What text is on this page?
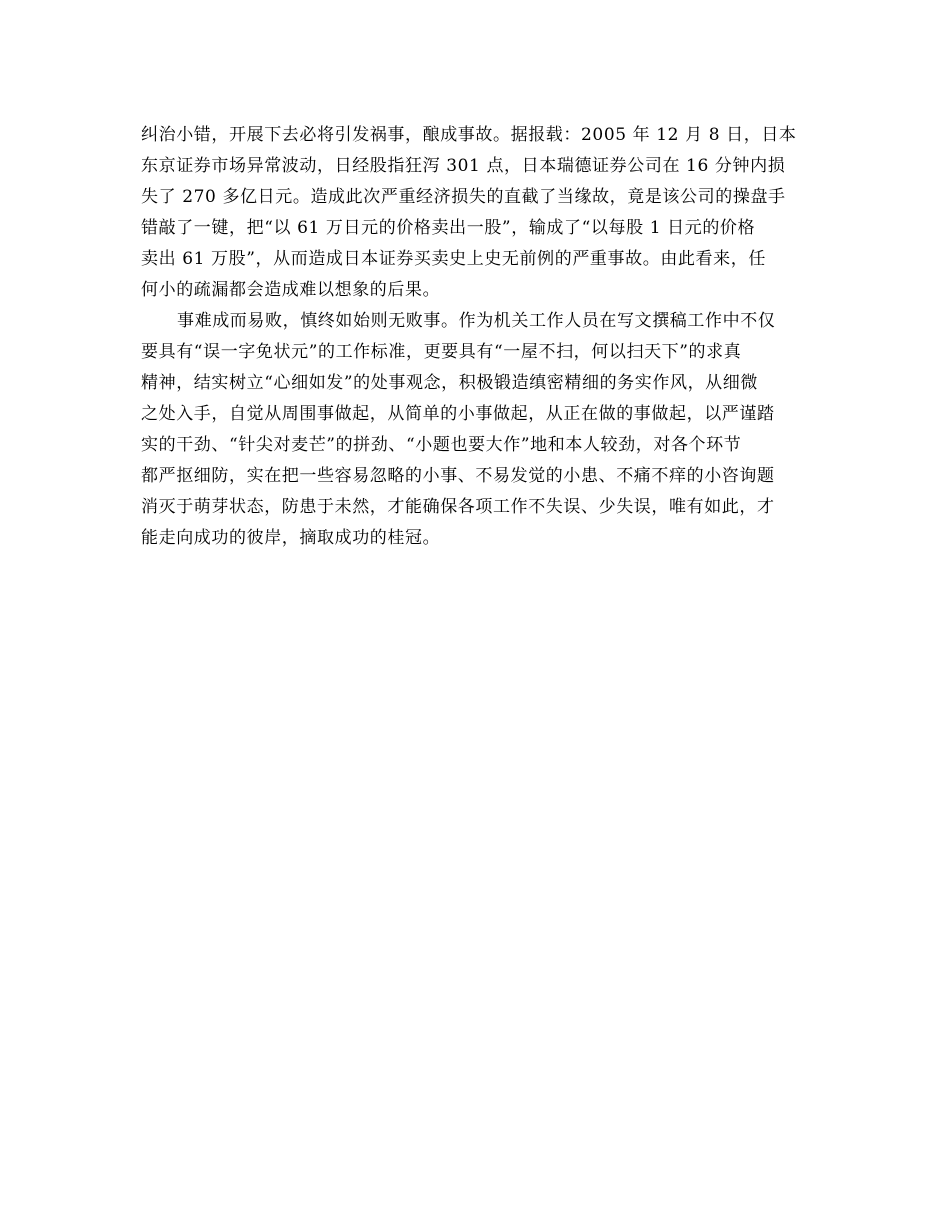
纠治小错，开展下去必将引发祸事，酿成事故。据报载：2005 年 12 月 8 日，日本
东京证券市场异常波动，日经股指狂泻 301 点，日本瑞德证券公司在 16 分钟内损
失了 270 多亿日元。造成此次严重经济损失的直截了当缘故，竟是该公司的操盘手
错敲了一键，把“以 61 万日元的价格卖出一股”，输成了“以每股 1 日元的价格
卖出 61 万股”，从而造成日本证券买卖史上史无前例的严重事故。由此看来，任
何小的疏漏都会造成难以想象的后果。

事难成而易败，慎终如始则无败事。作为机关工作人员在写文撰稿工作中不仅
要具有“误一字免状元”的工作标准，更要具有“一屋不扫，何以扫天下”的求真
精神，结实树立“心细如发”的处事观念，积极锻造缜密精细的务实作风，从细微
之处入手，自觉从周围事做起，从简单的小事做起，从正在做的事做起，以严谨踏
实的干劲、“针尖对麦芒”的拼劲、“小题也要大作”地和本人较劲，对各个环节
都严抠细防，实在把一些容易忽略的小事、不易发觉的小患、不痛不痒的小咨询题
消灭于萌芽状态，防患于未然，才能确保各项工作不失误、少失误，唯有如此，才
能走向成功的彼岸，摘取成功的桂冠。
